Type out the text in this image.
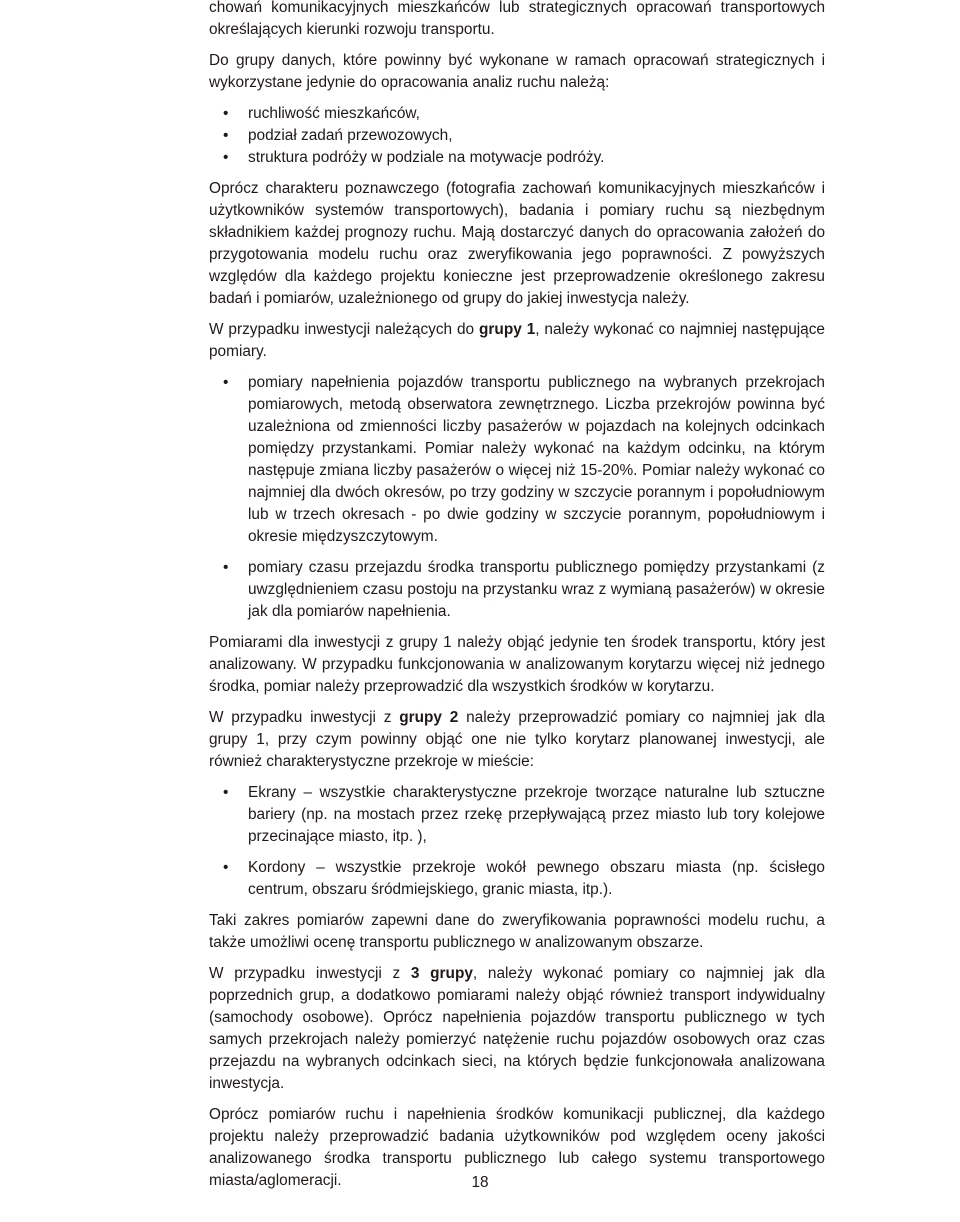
chowań komunikacyjnych mieszkańców lub strategicznych opracowań transportowych określających kierunki rozwoju transportu.

Do grupy danych, które powinny być wykonane w ramach opracowań strategicznych i wykorzystane jedynie do opracowania analiz ruchu należą:

• ruchliwość mieszkańców,
• podział zadań przewozowych,
• struktura podróży w podziale na motywacje podróży.

Oprócz charakteru poznawczego (fotografia zachowań komunikacyjnych mieszkańców i użytkowników systemów transportowych), badania i pomiary ruchu są niezbędnym składnikiem każdej prognozy ruchu. Mają dostarczyć danych do opracowania założeń do przygotowania modelu ruchu oraz zweryfikowania jego poprawności. Z powyższych względów dla każdego projektu konieczne jest przeprowadzenie określonego zakresu badań i pomiarów, uzależnionego od grupy do jakiej inwestycja należy.

W przypadku inwestycji należących do grupy 1, należy wykonać co najmniej następujące pomiary.

• pomiary napełnienia pojazdów transportu publicznego na wybranych przekrojach pomiarowych, metodą obserwatora zewnętrznego. Liczba przekrojów powinna być uzależniona od zmienności liczby pasażerów w pojazdach na kolejnych odcinkach pomiędzy przystankami. Pomiar należy wykonać na każdym odcinku, na którym następuje zmiana liczby pasażerów o więcej niż 15-20%. Pomiar należy wykonać co najmniej dla dwóch okresów, po trzy godziny w szczycie porannym i popołudniowym lub w trzech okresach - po dwie godziny w szczycie porannym, popołudniowym i okresie międzyszczytowym.
• pomiary czasu przejazdu środka transportu publicznego pomiędzy przystankami (z uwzględnieniem czasu postoju na przystanku wraz z wymianą pasażerów) w okresie jak dla pomiarów napełnienia.

Pomiarami dla inwestycji z grupy 1 należy objąć jedynie ten środek transportu, który jest analizowany. W przypadku funkcjonowania w analizowanym korytarzu więcej niż jednego środka, pomiar należy przeprowadzić dla wszystkich środków w korytarzu.

W przypadku inwestycji z grupy 2 należy przeprowadzić pomiary co najmniej jak dla grupy 1, przy czym powinny objąć one nie tylko korytarz planowanej inwestycji, ale również charakterystyczne przekroje w mieście:

• Ekrany – wszystkie charakterystyczne przekroje tworzące naturalne lub sztuczne bariery (np. na mostach przez rzekę przepływającą przez miasto lub tory kolejowe przecinające miasto, itp. ),
• Kordony – wszystkie przekroje wokół pewnego obszaru miasta (np. ścisłego centrum, obszaru śródmiejskiego, granic miasta, itp.).

Taki zakres pomiarów zapewni dane do zweryfikowania poprawności modelu ruchu, a także umożliwi ocenę transportu publicznego w analizowanym obszarze.

W przypadku inwestycji z 3 grupy, należy wykonać pomiary co najmniej jak dla poprzednich grup, a dodatkowo pomiarami należy objąć również transport indywidualny (samochody osobowe). Oprócz napełnienia pojazdów transportu publicznego w tych samych przekrojach należy pomierzyć natężenie ruchu pojazdów osobowych oraz czas przejazdu na wybranych odcinkach sieci, na których będzie funkcjonowała analizowana inwestycja.

Oprócz pomiarów ruchu i napełnienia środków komunikacji publicznej, dla każdego projektu należy przeprowadzić badania użytkowników pod względem oceny jakości analizowanego środka transportu publicznego lub całego systemu transportowego miasta/aglomeracji.	18
